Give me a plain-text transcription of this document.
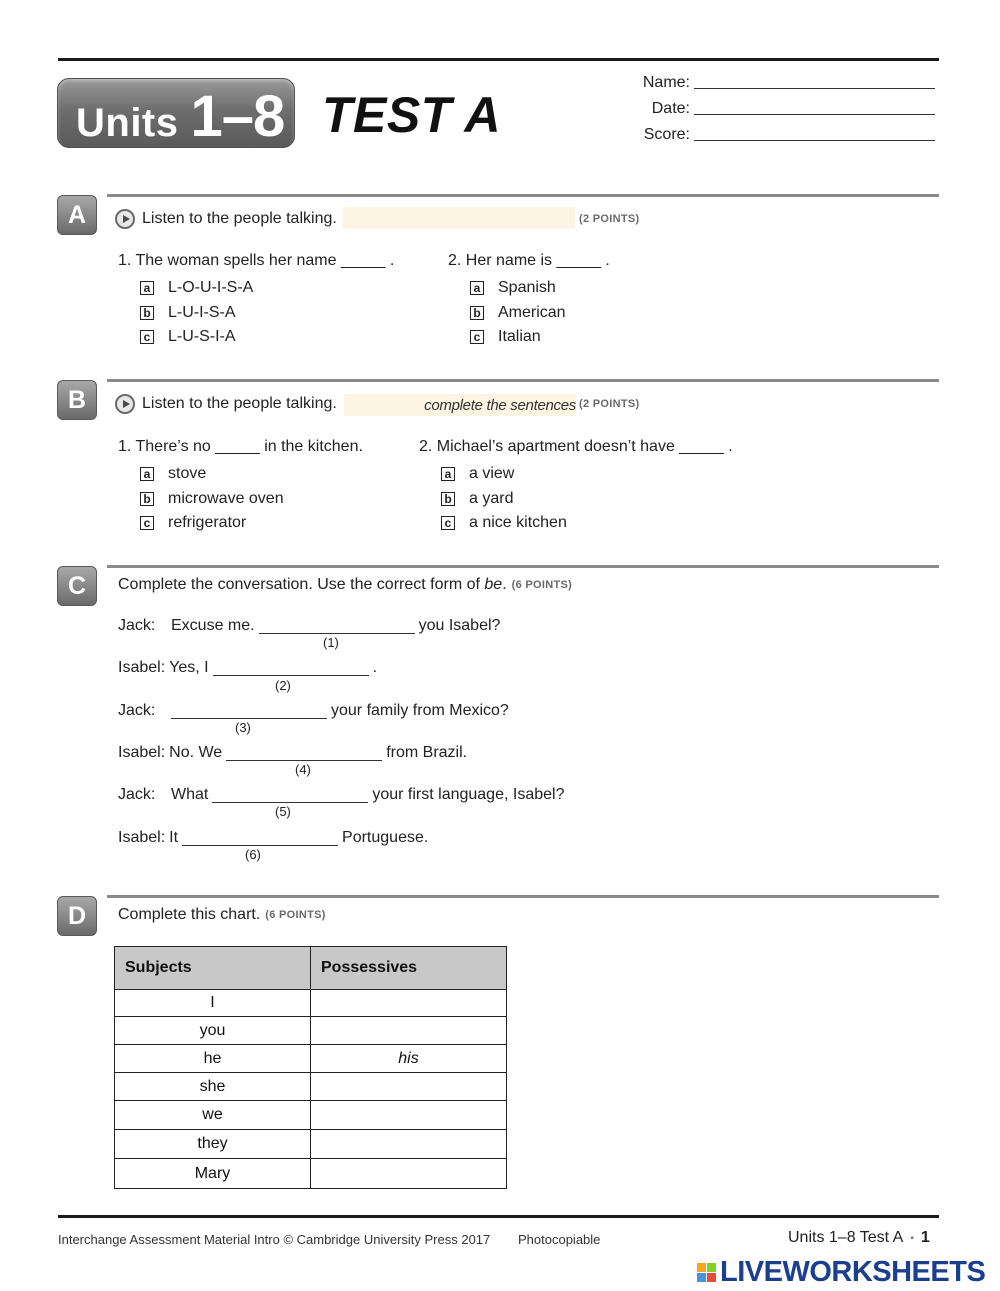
Units 1–8 TEST A
Name:
Date:
Score:
A	Listen to the people talking.	(2 POINTS)
1. The woman spells her name _____ .
a L-O-U-I-S-A
b L-U-I-S-A
c L-U-S-I-A
2. Her name is _____ .
a Spanish
b American
c Italian
B	Listen to the people talking.	complete the sentences (2 POINTS)
1. There’s no _____ in the kitchen.
a stove
b microwave oven
c refrigerator
2. Michael’s apartment doesn’t have _____ .
a a view
b a yard
c a nice kitchen
C	Complete the conversation. Use the correct form of be . (6 POINTS)
Jack: Excuse me.	you Isabel?
(1)
Isabel: Yes, I	.
(2)
Jack:	your family from Mexico?
(3)
Isabel: No. We	from Brazil.
(4)
Jack: What	your first language, Isabel?
(5)
Isabel: It	Portuguese.
(6)
D	Complete this chart. (6 POINTS)
Subjects	Possessives
I	
you	
he	his
she	
we	
they	
Mary	
Interchange Assessment Material Intro © Cambridge University Press 2017 Photocopiable	Units 1–8 Test A ▪ 1
LIVEWORKSHEETS
